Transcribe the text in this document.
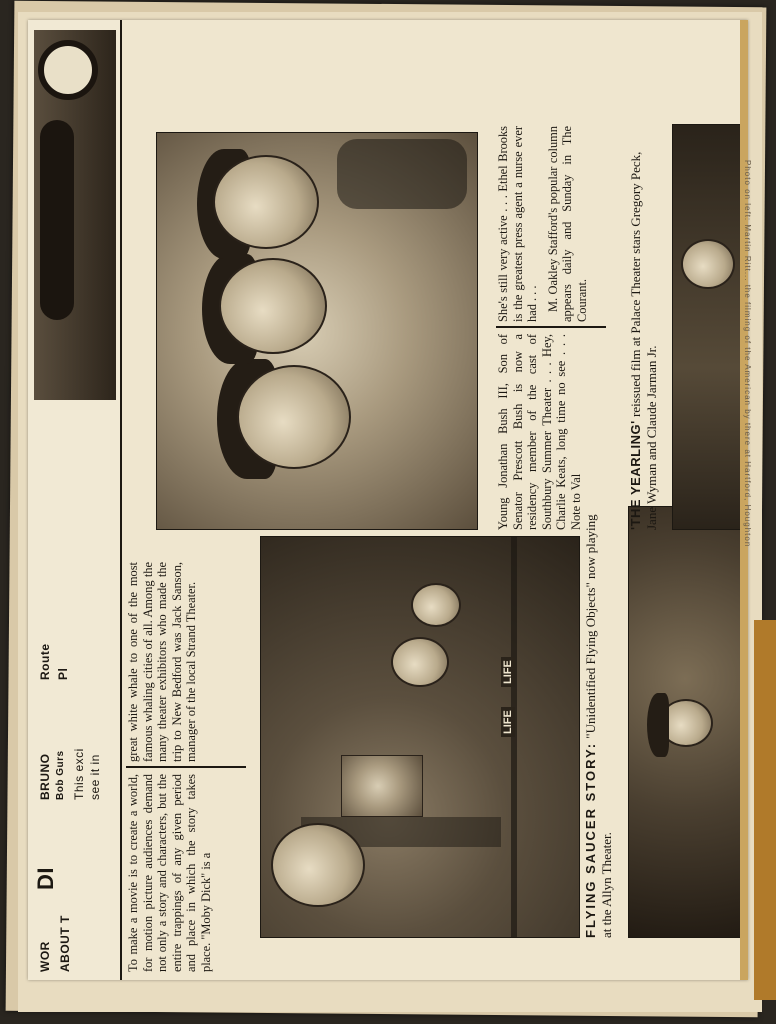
WOR ABOUT T
DI
BRUNO Bob Gurs This exci see it in
Route Pl

To make a movie is to create a world, for motion picture audiences demand not only a story and characters, but the entire trappings of any given period and place in which the story takes place. "Moby Dick" is a

great white whale to one of the most famous whaling cities of all. Among the many theater exhibitors who made the trip to New Bedford was Jack Sanson, manager of the local Strand Theater.	LIFE
LIFE
FLYING SAUCER STORY: "Unidentified Flying Objects" now playing at the Allyn Theater.

Young Jonathan Bush III, Son of Senator Prescott Bush is now a residency member of the cast of Southbury Summer Theater . . . Hey, Charlie Keats, long time no see . . . Note to Val

She's still very active . . . Ethel Brooks is the greatest press agent a nurse ever had . . . M. Oakley Stafford's popular column appears daily and Sunday in The Courant.

'THE YEARLING' reissued film at Palace Theater stars Gregory Peck, Jane Wyman and Claude Jarman Jr.	Photo on left: Martin Ritt... the filming of the American by there at Hartford, Houghton
